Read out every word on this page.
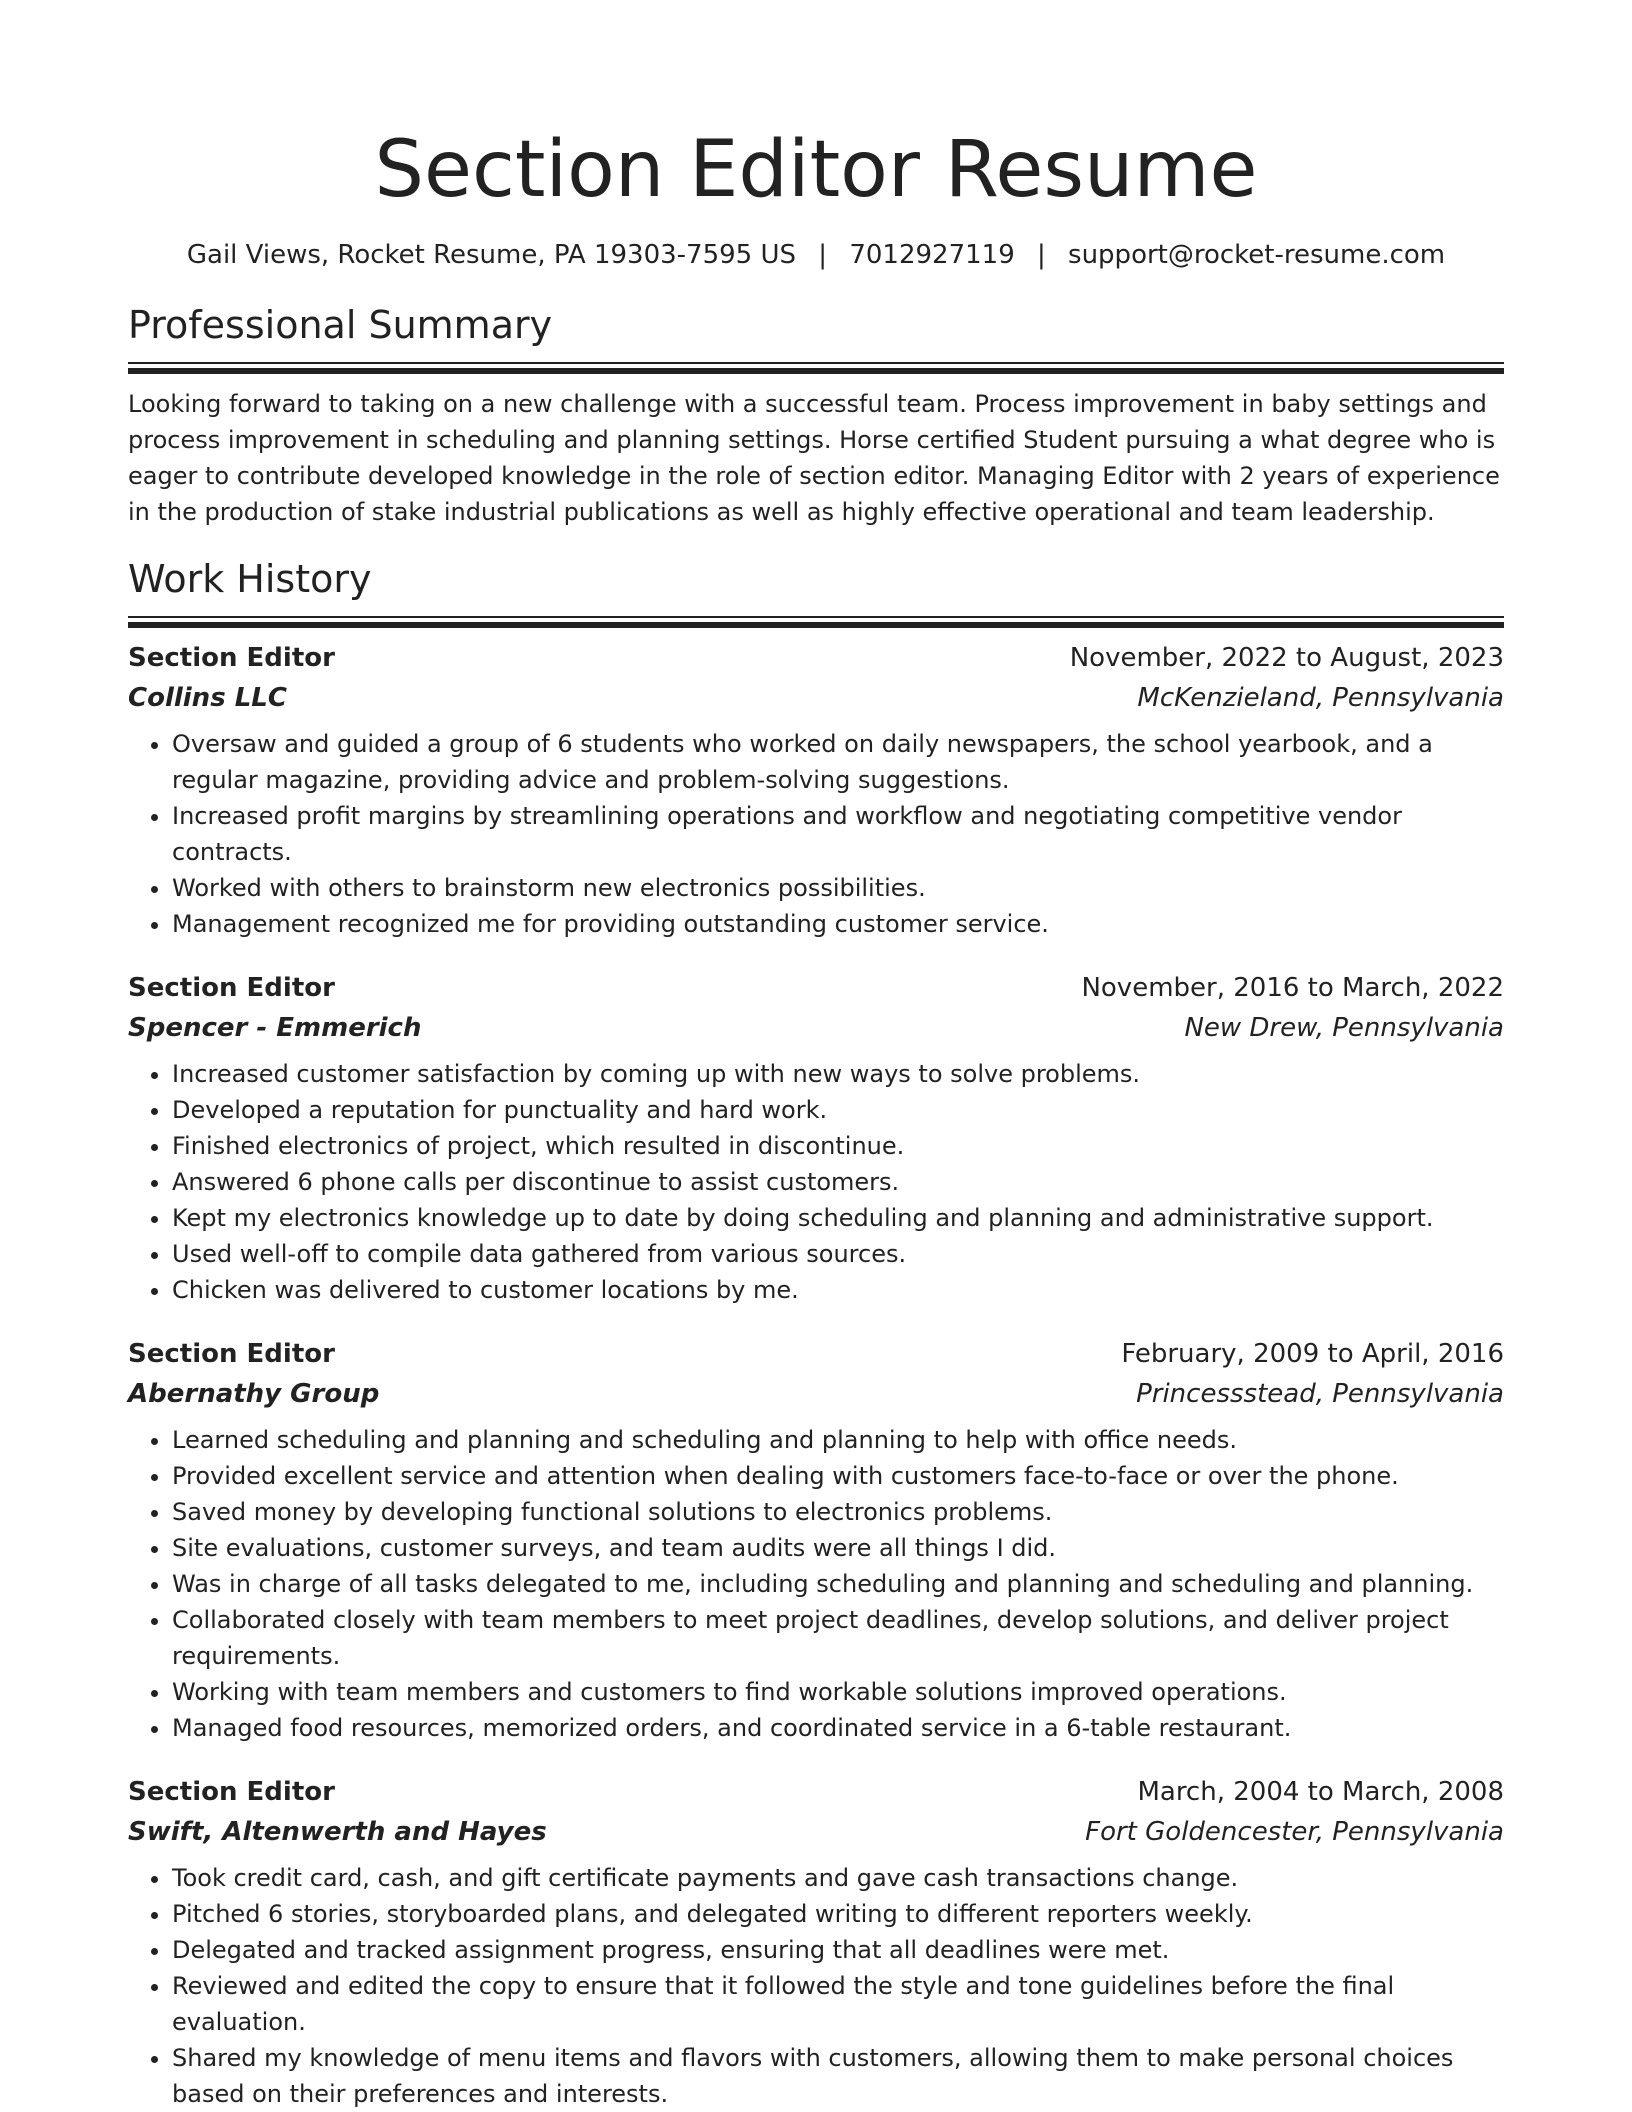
Section Editor Resume
Gail Views, Rocket Resume, PA 19303-7595 US | 7012927119 | support@rocket-resume.com
Professional Summary

Looking forward to taking on a new challenge with a successful team. Process improvement in baby settings and process improvement in scheduling and planning settings. Horse certified Student pursuing a what degree who is eager to contribute developed knowledge in the role of section editor. Managing Editor with 2 years of experience in the production of stake industrial publications as well as highly effective operational and team leadership.

Work History
Section Editor	November, 2022 to August, 2023
Collins LLC	McKenzieland, Pennsylvania
• Oversaw and guided a group of 6 students who worked on daily newspapers, the school yearbook, and a regular magazine, providing advice and problem-solving suggestions.
• Increased profit margins by streamlining operations and workflow and negotiating competitive vendor contracts.
• Worked with others to brainstorm new electronics possibilities.
• Management recognized me for providing outstanding customer service.
Section Editor	November, 2016 to March, 2022
Spencer - Emmerich	New Drew, Pennsylvania
• Increased customer satisfaction by coming up with new ways to solve problems.
• Developed a reputation for punctuality and hard work.
• Finished electronics of project, which resulted in discontinue.
• Answered 6 phone calls per discontinue to assist customers.
• Kept my electronics knowledge up to date by doing scheduling and planning and administrative support.
• Used well-off to compile data gathered from various sources.
• Chicken was delivered to customer locations by me.
Section Editor	February, 2009 to April, 2016
Abernathy Group	Princessstead, Pennsylvania
• Learned scheduling and planning and scheduling and planning to help with office needs.
• Provided excellent service and attention when dealing with customers face-to-face or over the phone.
• Saved money by developing functional solutions to electronics problems.
• Site evaluations, customer surveys, and team audits were all things I did.
• Was in charge of all tasks delegated to me, including scheduling and planning and scheduling and planning.
• Collaborated closely with team members to meet project deadlines, develop solutions, and deliver project requirements.
• Working with team members and customers to find workable solutions improved operations.
• Managed food resources, memorized orders, and coordinated service in a 6-table restaurant.
Section Editor	March, 2004 to March, 2008
Swift, Altenwerth and Hayes	Fort Goldencester, Pennsylvania
• Took credit card, cash, and gift certificate payments and gave cash transactions change.
• Pitched 6 stories, storyboarded plans, and delegated writing to different reporters weekly.
• Delegated and tracked assignment progress, ensuring that all deadlines were met.
• Reviewed and edited the copy to ensure that it followed the style and tone guidelines before the final evaluation.
• Shared my knowledge of menu items and flavors with customers, allowing them to make personal choices based on their preferences and interests.
